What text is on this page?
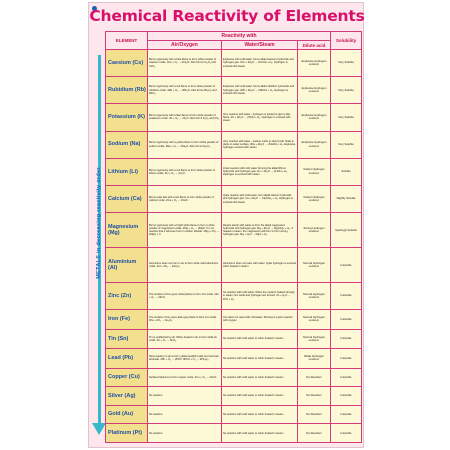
Chemical Reactivity of Elements
METALS in decreasing reactivity order
ELEMENT	Reactivity with			Solubility
	Air/Oxygen	Water/Steam	Dilute acid	
Caesium (Cs)	Burns vigorously with a blue flame to form white powder of caesium oxide. 4Cs + O₂ → 2Cs₂O. Also forms Cs₂O₂ and CsO₂.	Explosive with cold water, forms alkali caesium hydroxide and hydrogen gas. 2Cs + 2H₂O → 2CsOH + H₂. Hydrogen is evolved with steam.	Explosive Hydrogen evolved.	Very Soluble
Rubidium (Rb)	Burns vigorously with a red flame to form white powder of rubidium oxide. 4Rb + O₂ → 2Rb₂O. Also forms Rb₂O₂ and RbO₂.	Explosive with cold water, forms alkali rubidium hydroxide and hydrogen gas. 2Rb + 2H₂O → 2RbOH + H₂. Hydrogen is evolved with steam.	Explosive Hydrogen evolved.	Very Soluble
Potassium (K)	Burns vigorously with a lilac flame to form white powder of potassium oxide. 4K + O₂ → 2K₂O. Also forms K₂O₂ and KO₂.	Very reactive with water - hydrogen is ignited to give a lilac flame. 2K + 2H₂O → 2KOH + H₂. Hydrogen is evolved with steam.	Explosive Hydrogen evolved.	Very Soluble
Sodium (Na)	Burns vigorously with a yellow flame to form white powder of sodium oxide. 4Na + O₂ → 2Na₂O. Also forms Na₂O₂.	Very reactive with water - sodium melts to silvery ball, floats & darts on water surface. 2Na + 2H₂O → 2NaOH + H₂. Explosive hydrogen evolved with steam.	Explosive Hydrogen evolved.	Very Soluble
Lithium (Li)	Burns vigorously with a red flame to form white powder of lithium oxide. 4Li + O₂ → 2Li₂O.	A fast reaction with cold water forming the alkali lithium hydroxide and hydrogen gas. 2Li + 2H₂O → 2LiOH + H₂. Hydrogen is evolved with steam.	Violent Hydrogen evolved.	Soluble
Calcium (Ca)	Burns quite fast with a red flame to form white powder of calcium oxide. 2Ca + O₂ → 2CaO.	Quite reactive with cold water, form alkali calcium hydroxide and hydrogen gas. Ca + 2H₂O → Ca(OH)₂ + H₂. Hydrogen is evolved with steam.	Violent Hydrogen evolved.	Slightly Soluble
Magnesium (Mg)	Burns vigorously with a bright white flame to form a white powder of magnesium oxide. 2Mg + O₂ → 2MgO. It is so reactive that it will even burn in carbon dioxide. 2Mg + CO₂ → 2MgO + C.	Reacts slowly with water to form the alkali magnesium hydroxide and hydrogen gas. Mg + 2H₂O → Mg(OH)₂ + H₂. If heated in steam, the magnesium will burn to form strong hydrogen gas. Mg + H₂O → MgO + H₂.	Strong Hydrogen evolved.	Sparingly Soluble
Aluminium (Al)	Aluminium does not burn in air to form white solid aluminium oxide. 4Al + 3O₂ → 2Al₂O₃.	Aluminium does not react with water. Quiet hydrogen is evolved when heated in steam.	Normal Hydrogen evolved.	Insoluble
Zinc (Zn)	The surface of zinc goes white/yellow to form zinc oxide. 2Zn + O₂ → 2ZnO.	No reaction with cold water. When the metal is heated strongly in steam zinc oxide and hydrogen are formed. Zn + H₂O → ZnO + H₂.	Normal Hydrogen evolved.	Insoluble
Iron (Fe)	The surface of iron goes dark grey-black to form iron oxide. 3Fe + 2O₂ → Fe₃O₄.	Iron does not react with cold water. Rusting is a joint reaction with oxygen.	Normal Hydrogen evolved.	Insoluble
Tin (Sn)	Tin is unaffected by air. When heated in air to form white tin oxide. Sn + O₂ → SnO₂.	No reaction with cold water or when heated in steam.	Normal Hydrogen evolved.	Insoluble
Lead (Pb)	Slow reaction in air to form yellow lead(II) oxide and red lead tetroxide. 2Pb + O₂ → 2PbO. 6PbO + O₂ → 2Pb₃O₄.	No reaction with cold water or when heated in steam.	Weak Hydrogen evolved.	Insoluble
Copper (Cu)	Surface blackens to form copper oxide. 2Cu + O₂ → 2CuO.	No reaction with cold water or when heated in steam.	No Reaction	Insoluble
Silver (Ag)	No reaction.	No reaction with cold water or when heated in steam.	No Reaction	Insoluble
Gold (Au)	No reaction.	No reaction with cold water or when heated in steam.	No Reaction	Insoluble
Platinum (Pt)	No reaction.	No reaction with cold water or when heated in steam.	No Reaction	Insoluble
